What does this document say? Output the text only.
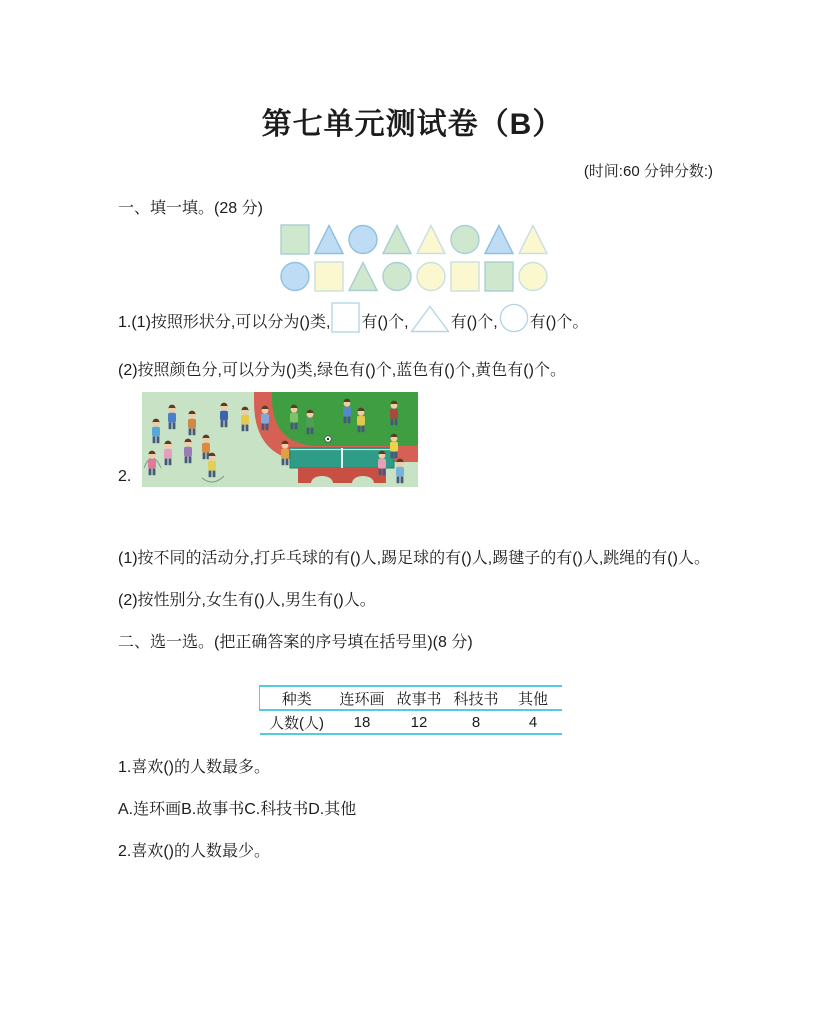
第七单元测试卷（B）
(时间:60 分钟分数:)
一、填一填。(28 分)
1.(1)按照形状分,可以分为()类, 有()个,	有()个, 有()个。
(2)按照颜色分,可以分为()类,绿色有()个,蓝色有()个,黄色有()个。
2.
(1)按不同的活动分,打乒乓球的有()人,踢足球的有()人,踢毽子的有()人,跳绳的有()人。
(2)按性别分,女生有()人,男生有()人。
二、选一选。(把正确答案的序号填在括号里)(8 分)
种类	连环画	故事书	科技书	其他
人数(人)	18	12	8	4
1.喜欢()的人数最多。
A.连环画B.故事书C.科技书D.其他
2.喜欢()的人数最少。
